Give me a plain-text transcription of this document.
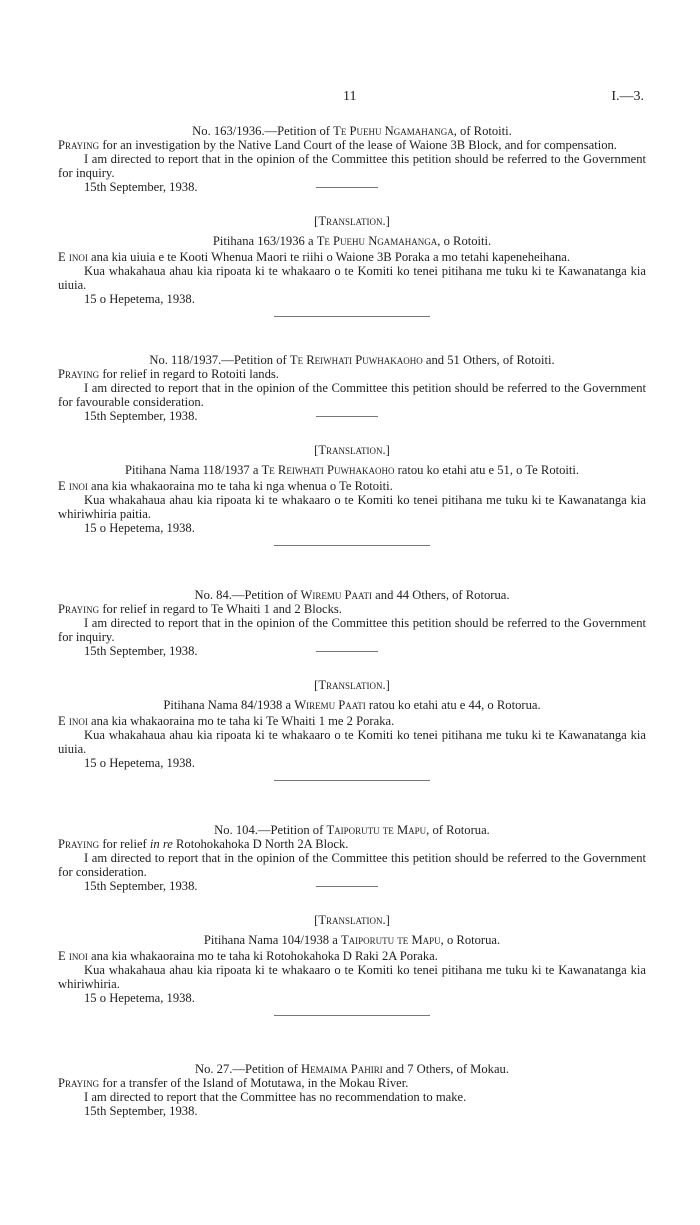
11	I.—3.
No. 163/1936.—Petition of Te Puehu Ngamahanga, of Rotoiti.
Praying for an investigation by the Native Land Court of the lease of Waione 3B Block, and for compensation.
I am directed to report that in the opinion of the Committee this petition should be referred to the Government for inquiry.
15th September, 1938.
[Translation.]
Pitihana 163/1936 a Te Puehu Ngamahanga, o Rotoiti.
E inoi ana kia uiuia e te Kooti Whenua Maori te riihi o Waione 3B Poraka a mo tetahi kapeneheihana.
Kua whakahaua ahau kia ripoata ki te whakaaro o te Komiti ko tenei pitihana me tuku ki te Kawanatanga kia uiuia.
15 o Hepetema, 1938.
No. 118/1937.—Petition of Te Reiwhati Puwhakaoho and 51 Others, of Rotoiti.
Praying for relief in regard to Rotoiti lands.
I am directed to report that in the opinion of the Committee this petition should be referred to the Government for favourable consideration.
15th September, 1938.
[Translation.]
Pitihana Nama 118/1937 a Te Reiwhati Puwhakaoho ratou ko etahi atu e 51, o Te Rotoiti.
E inoi ana kia whakaoraina mo te taha ki nga whenua o Te Rotoiti.
Kua whakahaua ahau kia ripoata ki te whakaaro o te Komiti ko tenei pitihana me tuku ki te Kawanatanga kia whiriwhiria paitia.
15 o Hepetema, 1938.
No. 84.—Petition of Wiremu Paati and 44 Others, of Rotorua.
Praying for relief in regard to Te Whaiti 1 and 2 Blocks.
I am directed to report that in the opinion of the Committee this petition should be referred to the Government for inquiry.
15th September, 1938.
[Translation.]
Pitihana Nama 84/1938 a Wiremu Paati ratou ko etahi atu e 44, o Rotorua.
E inoi ana kia whakaoraina mo te taha ki Te Whaiti 1 me 2 Poraka.
Kua whakahaua ahau kia ripoata ki te whakaaro o te Komiti ko tenei pitihana me tuku ki te Kawanatanga kia uiuia.
15 o Hepetema, 1938.
No. 104.—Petition of Taiporutu te Mapu, of Rotorua.
Praying for relief in re Rotohokahoka D North 2A Block.
I am directed to report that in the opinion of the Committee this petition should be referred to the Government for consideration.
15th September, 1938.
[Translation.]
Pitihana Nama 104/1938 a Taiporutu te Mapu, o Rotorua.
E inoi ana kia whakaoraina mo te taha ki Rotohokahoka D Raki 2A Poraka.
Kua whakahaua ahau kia ripoata ki te whakaaro o te Komiti ko tenei pitihana me tuku ki te Kawanatanga kia whiriwhiria.
15 o Hepetema, 1938.
No. 27.—Petition of Hemaima Pahiri and 7 Others, of Mokau.
Praying for a transfer of the Island of Motutawa, in the Mokau River.
I am directed to report that the Committee has no recommendation to make.
15th September, 1938.
